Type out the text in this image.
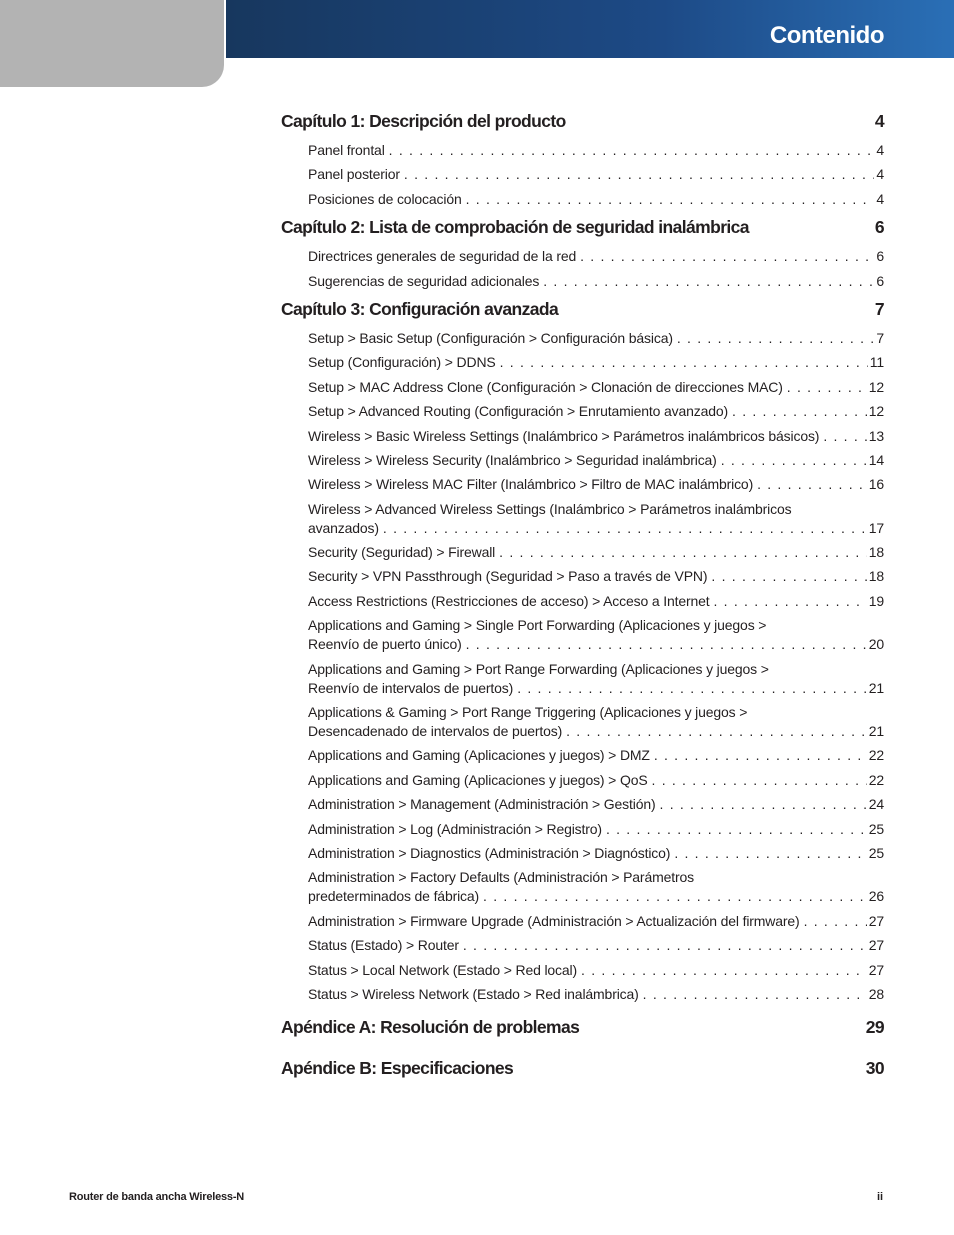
Contenido
Capítulo 1: Descripción del producto	4
Panel frontal . . .	4
Panel posterior . . .	4
Posiciones de colocación . . .	4
Capítulo 2: Lista de comprobación de seguridad inalámbrica	6
Directrices generales de seguridad de la red . . .	6
Sugerencias de seguridad adicionales . . .	6
Capítulo 3: Configuración avanzada	7
Setup > Basic Setup (Configuración > Configuración básica) . . .	7
Setup (Configuración) > DDNS . . .	11
Setup > MAC Address Clone (Configuración > Clonación de direcciones MAC) . . .	12
Setup > Advanced Routing (Configuración > Enrutamiento avanzado) . . .	12
Wireless > Basic Wireless Settings (Inalámbrico > Parámetros inalámbricos básicos) . . .	13
Wireless > Wireless Security (Inalámbrico > Seguridad inalámbrica) . . .	14
Wireless > Wireless MAC Filter (Inalámbrico > Filtro de MAC inalámbrico) . . .	16
Wireless > Advanced Wireless Settings (Inalámbrico > Parámetros inalámbricos
avanzados) . . .	17
Security (Seguridad) > Firewall . . .	18
Security > VPN Passthrough (Seguridad > Paso a través de VPN) . . .	18
Access Restrictions (Restricciones de acceso) > Acceso a Internet . . .	19
Applications and Gaming > Single Port Forwarding (Aplicaciones y juegos >
Reenvío de puerto único) . . .	20
Applications and Gaming > Port Range Forwarding (Aplicaciones y juegos >
Reenvío de intervalos de puertos) . . .	21
Applications & Gaming > Port Range Triggering (Aplicaciones y juegos >
Desencadenado de intervalos de puertos) . . .	21
Applications and Gaming (Aplicaciones y juegos) > DMZ . . .	22
Applications and Gaming (Aplicaciones y juegos) > QoS . . .	22
Administration > Management (Administración > Gestión) . . .	24
Administration > Log (Administración > Registro) . . .	25
Administration > Diagnostics (Administración > Diagnóstico) . . .	25
Administration > Factory Defaults (Administración > Parámetros
predeterminados de fábrica) . . .	26
Administration > Firmware Upgrade (Administración > Actualización del firmware) . . .	27
Status (Estado) > Router . . .	27
Status > Local Network (Estado > Red local) . . .	27
Status > Wireless Network (Estado > Red inalámbrica) . . .	28
Apéndice A: Resolución de problemas	29
Apéndice B: Especificaciones	30
Router de banda ancha Wireless-N	ii
